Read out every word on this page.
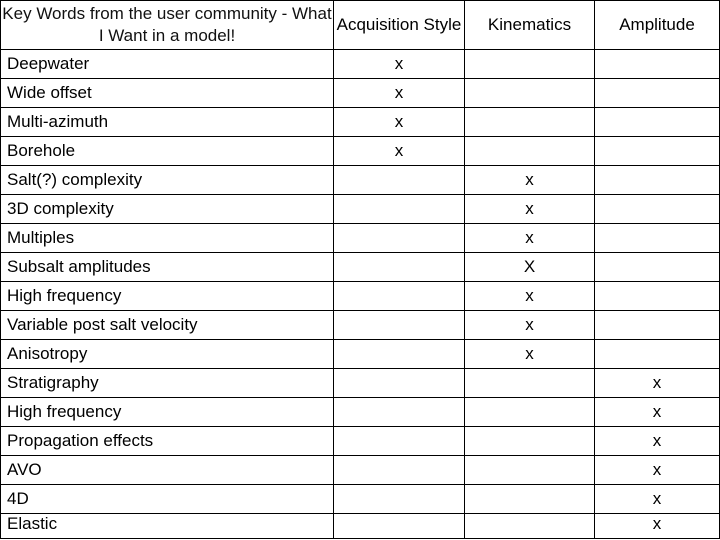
Key Words from the user community - What I Want in a model!	Acquisition Style	Kinematics	Amplitude
Deepwater	x		
Wide offset	x		
Multi-azimuth	x		
Borehole	x		
Salt(?) complexity		x	
3D complexity		x	
Multiples		x	
Subsalt amplitudes		X	
High frequency		x	
Variable post salt velocity		x	
Anisotropy		x	
Stratigraphy			x
High frequency			x
Propagation effects			x
AVO			x
4D			x
Elastic			x
